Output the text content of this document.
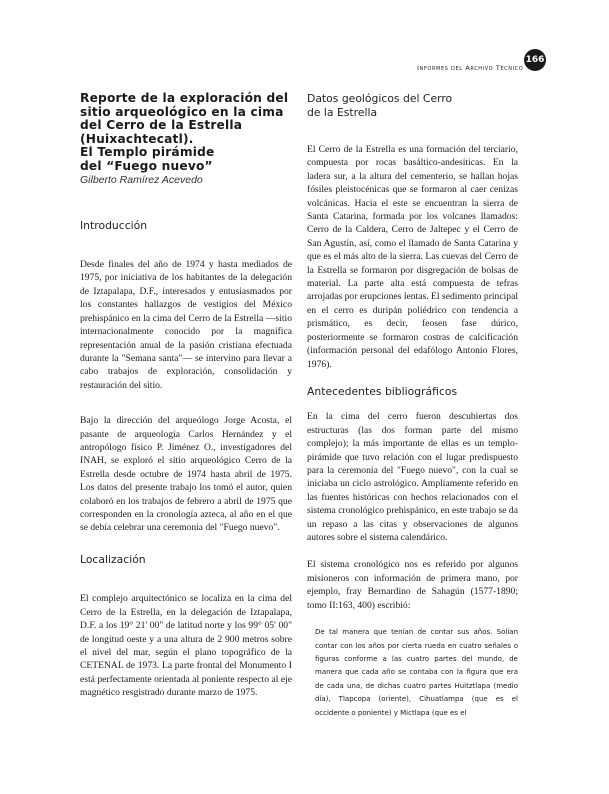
Informes del Archivo Técnico
166

Reporte de la exploración del

sitio arqueológico en la cima

del Cerro de la Estrella

(Huixachtecatl).

El Templo pirámide

del “Fuego nuevo”

Gilberto Ramírez Acevedo

Introducción

Desde finales del año de 1974 y hasta mediados de 1975, por iniciativa de los habitantes de la delegación de Iztapalapa, D.F., interesados y entusiasmados por los constantes hallazgos de vestigios del México prehispánico en la cima del Cerro de la Estrella —sitio internacionalmente conocido por la magnífica representación anual de la pasión cristiana efectuada durante la "Semana santa"— se intervino para llevar a cabo trabajos de exploración, consolidación y restauración del sitio.

Bajo la dirección del arqueólogo Jorge Acosta, el pasante de arqueología Carlos Hernández y el antropólogo físico P. Jiménez O., investigadores del INAH, se exploró el sitio arqueológico Cerro de la Estrella desde octubre de 1974 hasta abril de 1975. Los datos del presente trabajo los tomó el autor, quien colaboró en los trabajos de febrero a abril de 1975 que corresponden en la cronología azteca, al año en el que se debía celebrar una ceremonia del "Fuego nuevo".

Localización

El complejo arquitectónico se localiza en la cima del Cerro de la Estrella, en la delegación de Iztapalapa, D.F. a los 19° 21' 00" de latitud norte y los 99° 05' 00" de longitud oeste y a una altura de 2 900 metros sobre el nivel del mar, según el plano topográfico de la CETENAL de 1973. La parte frontal del Monumento I está perfectamente orientada al poniente respecto al eje magnético resgistrado durante marzo de 1975.

Datos geológicos del Cerro de la Estrella

El Cerro de la Estrella es una formación del terciario, compuesta por rocas basáltico-andesíticas. En la ladera sur, a la altura del cementerio, se hallan hojas fósiles pleistocénicas que se formaron al caer cenizas volcánicas. Hacia el este se encuentran la sierra de Santa Catarina, formada por los volcanes llamados: Cerro de la Caldera, Cerro de Jaltepec y el Cerro de San Agustín, así, como el llamado de Santa Catarina y que es el más alto de la sierra. Las cuevas del Cerro de la Estrella se formaron por disgregación de bolsas de material. La parte alta está compuesta de tefras arrojadas por erupciones lentas. El sedimento principal en el cerro es duripán poliédrico con tendencia a prismático, es decir, feosen fase dúrico, posteriormente se formaron costras de calcificación (información personal del edafólogo Antonio Flores, 1976).

Antecedentes bibliográficos

En la cima del cerro fueron descubiertas dos estructuras (las dos forman parte del mismo complejo); la más importante de ellas es un templo-pirámide que tuvo relación con el lugar predispuesto para la ceremonia del "Fuego nuevo", con la cual se iniciaba un ciclo astrológico. Ampliamente referido en las fuentes históricas con hechos relacionados con el sistema cronológico prehispánico, en este trabajo se da un repaso a las citas y observaciones de algunos autores sobre el sistema calendárico.

El sistema cronológico nos es referido por algunos misioneros con información de primera mano, por ejemplo, fray Bernardino de Sahagún (1577-1890; tomo II:163, 400) escribió:

De tal manera que tenían de contar sus años. Solían contar con los años por cierta rueda en cuatro señales o figuras conforme a las cuatro partes del mundo, de manera que cada año se contaba con la figura que era de cada una, de dichas cuatro partes Huitztlapa (medio día), Tlapcopa (oriente), Cihuatlampa (que es el occidente o poniente) y Mictlapa (que es el
